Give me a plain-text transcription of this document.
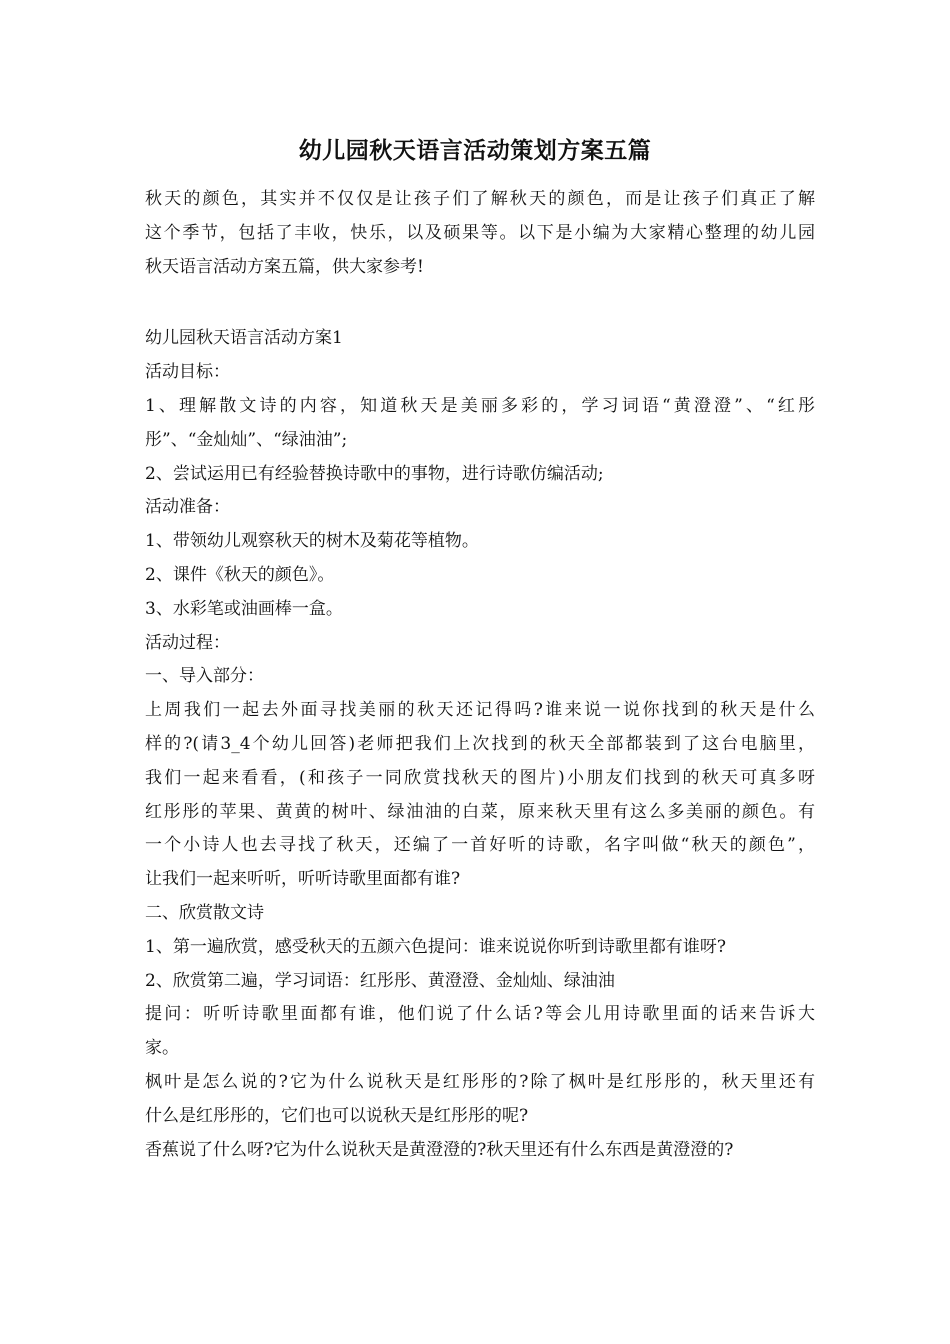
幼儿园秋天语言活动策划方案五篇
秋天的颜色，其实并不仅仅是让孩子们了解秋天的颜色，而是让孩子们真正了解
这个季节，包括了丰收，快乐，以及硕果等。以下是小编为大家精心整理的幼儿园
秋天语言活动方案五篇，供大家参考!
幼儿园秋天语言活动方案1
活动目标：
1、理解散文诗的内容，知道秋天是美丽多彩的，学习词语“黄澄澄”、“红彤
彤”、“金灿灿”、“绿油油”;
2、尝试运用已有经验替换诗歌中的事物，进行诗歌仿编活动;
活动准备：
1、带领幼儿观察秋天的树木及菊花等植物。
2、课件《秋天的颜色》。
3、水彩笔或油画棒一盒。
活动过程：
一、导入部分：
上周我们一起去外面寻找美丽的秋天还记得吗?谁来说一说你找到的秋天是什么
样的?(请3_4个幼儿回答)老师把我们上次找到的秋天全部都装到了这台电脑里，
我们一起来看看，(和孩子一同欣赏找秋天的图片)小朋友们找到的秋天可真多呀
红彤彤的苹果、黄黄的树叶、绿油油的白菜，原来秋天里有这么多美丽的颜色。有
一个小诗人也去寻找了秋天，还编了一首好听的诗歌，名字叫做“秋天的颜色”，
让我们一起来听听，听听诗歌里面都有谁?
二、欣赏散文诗
1、第一遍欣赏，感受秋天的五颜六色提问：谁来说说你听到诗歌里都有谁呀?
2、欣赏第二遍，学习词语：红彤彤、黄澄澄、金灿灿、绿油油
提问：听听诗歌里面都有谁，他们说了什么话?等会儿用诗歌里面的话来告诉大
家。
枫叶是怎么说的?它为什么说秋天是红彤彤的?除了枫叶是红彤彤的，秋天里还有
什么是红彤彤的，它们也可以说秋天是红彤彤的呢?
香蕉说了什么呀?它为什么说秋天是黄澄澄的?秋天里还有什么东西是黄澄澄的?
